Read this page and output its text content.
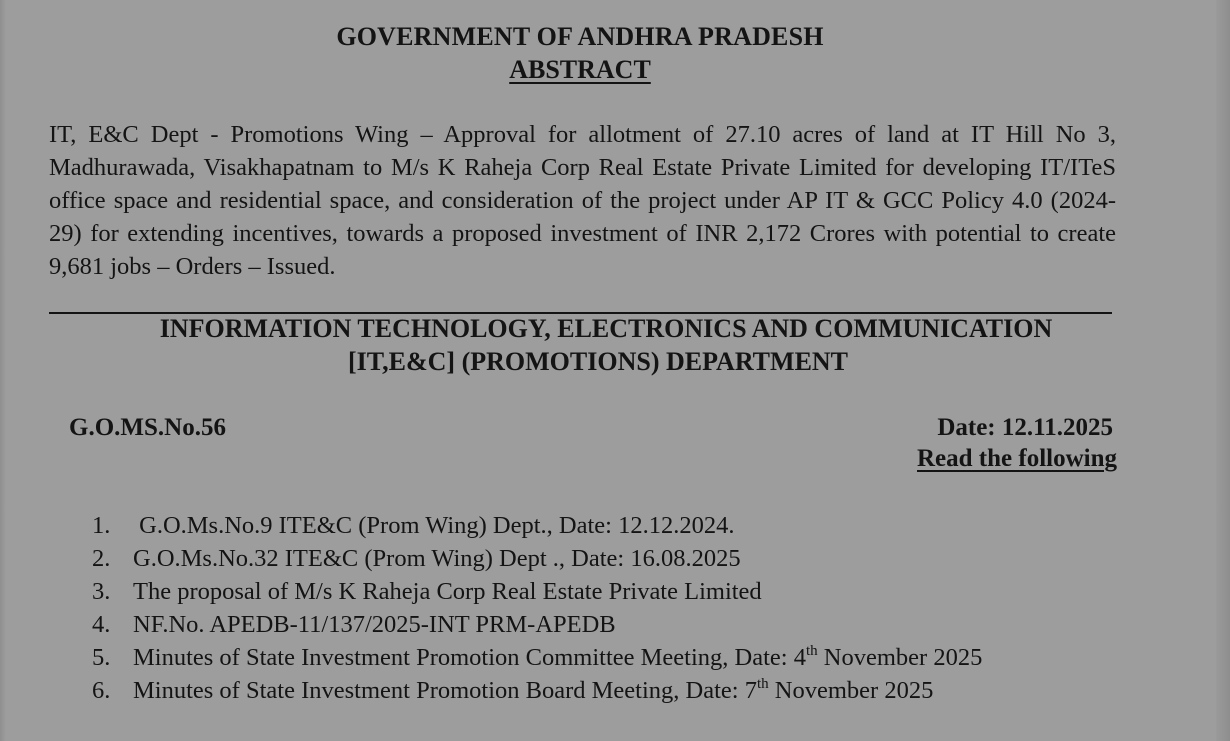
GOVERNMENT OF ANDHRA PRADESH
ABSTRACT
IT, E&C Dept - Promotions Wing – Approval for allotment of 27.10 acres of land at IT Hill No 3, Madhurawada, Visakhapatnam to M/s K Raheja Corp Real Estate Private Limited for developing IT/ITeS office space and residential space, and consideration of the project under AP IT & GCC Policy 4.0 (2024-29) for extending incentives, towards a proposed investment of INR 2,172 Crores with potential to create 9,681 jobs – Orders – Issued.
INFORMATION TECHNOLOGY, ELECTRONICS AND COMMUNICATION
[IT,E&C] (PROMOTIONS) DEPARTMENT
G.O.MS.No.56	Date: 12.11.2025
Read the following
1. G.O.Ms.No.9 ITE&C (Prom Wing) Dept., Date: 12.12.2024.
2. G.O.Ms.No.32 ITE&C (Prom Wing) Dept ., Date: 16.08.2025
3. The proposal of M/s K Raheja Corp Real Estate Private Limited
4. NF.No. APEDB-11/137/2025-INT PRM-APEDB
5. Minutes of State Investment Promotion Committee Meeting, Date: 4th November 2025
6. Minutes of State Investment Promotion Board Meeting, Date: 7th November 2025
